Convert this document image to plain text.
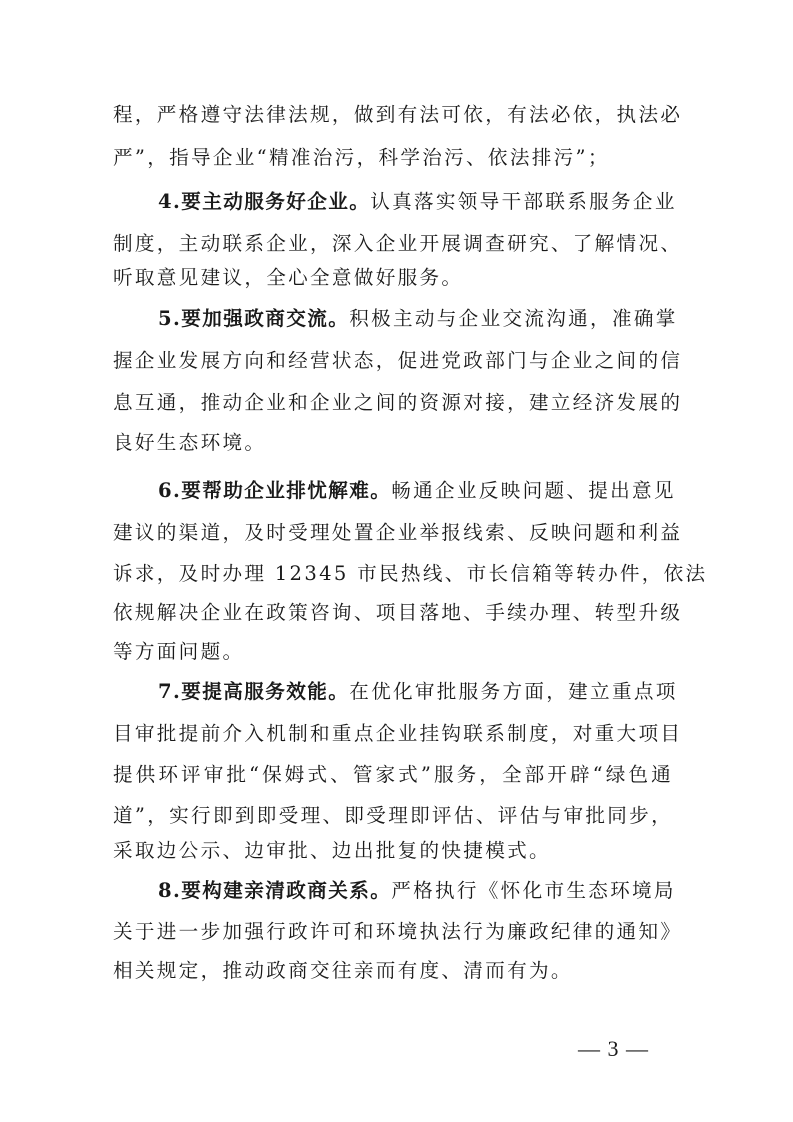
程，严格遵守法律法规，做到有法可依，有法必依，执法必
严”，指导企业“精准治污，科学治污、依法排污”；
4.要主动服务好企业。认真落实领导干部联系服务企业
制度，主动联系企业，深入企业开展调查研究、了解情况、
听取意见建议，全心全意做好服务。
5.要加强政商交流。积极主动与企业交流沟通，准确掌
握企业发展方向和经营状态，促进党政部门与企业之间的信
息互通，推动企业和企业之间的资源对接，建立经济发展的
良好生态环境。
6.要帮助企业排忧解难。畅通企业反映问题、提出意见
建议的渠道，及时受理处置企业举报线索、反映问题和利益
诉求，及时办理 12345 市民热线、市长信箱等转办件，依法
依规解决企业在政策咨询、项目落地、手续办理、转型升级
等方面问题。
7.要提高服务效能。在优化审批服务方面，建立重点项
目审批提前介入机制和重点企业挂钩联系制度，对重大项目
提供环评审批“保姆式、管家式”服务，全部开辟“绿色通
道”，实行即到即受理、即受理即评估、评估与审批同步，
采取边公示、边审批、边出批复的快捷模式。
8.要构建亲清政商关系。严格执行《怀化市生态环境局
关于进一步加强行政许可和环境执法行为廉政纪律的通知》
相关规定，推动政商交往亲而有度、清而有为。
— 3 —
